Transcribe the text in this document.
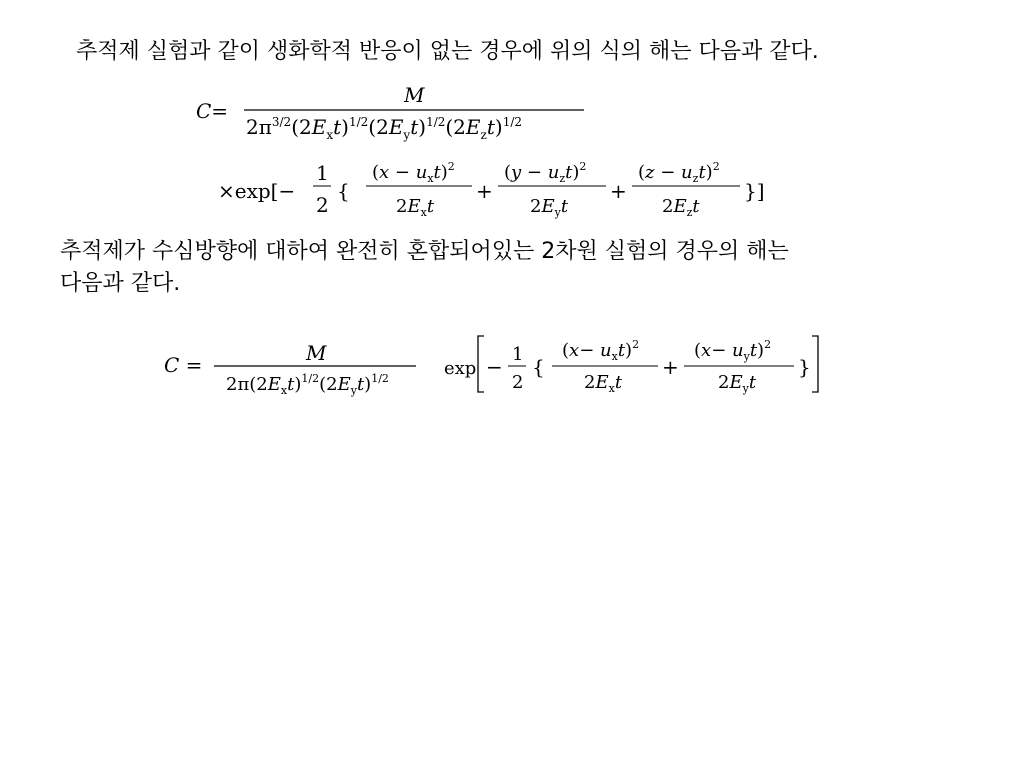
추적제 실험과 같이 생화학적 반응이 없는 경우에 위의 식의 해는 다음과 같다.
추적제가 수심방향에 대하여 완전히 혼합되어있는 2차원 실험의 경우의 해는
다음과 같다.
C=
M
$2\pi^{3/2}(2E_xt)^{1/2}(2E_yt)^{1/2}(2E_zt)^{1/2}$
×exp[−
1
2
{
$(x - u_xt)^2$
$2E_xt$
+
$(y - u_zt)^2$
$2E_yt$
+
$(z - u_zt)^2$
$2E_zt$
}]
C =	M
$2\pi(2E_xt)^{1/2}(2E_yt)^{1/2}$	exp −
1
2
{
$(x- u_xt)^2$
$2E_xt$
+
$(x- u_yt)^2$
$2E_yt$
}
